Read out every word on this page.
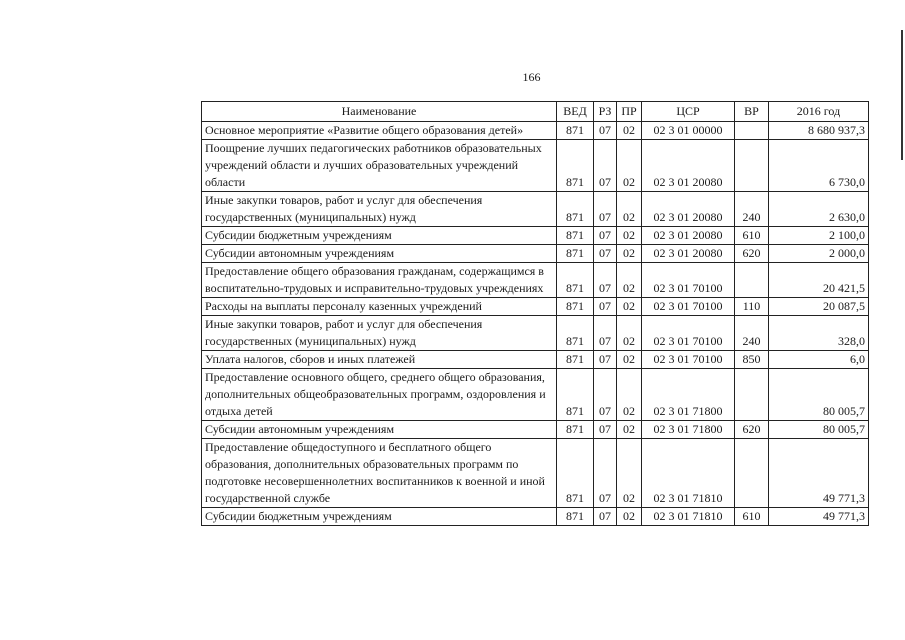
166
Наименование	ВЕД	РЗ	ПР	ЦСР	ВР	2016 год
Основное мероприятие «Развитие общего образования детей»	871	07	02	02 3 01 00000		8 680 937,3
Поощрение лучших педагогических работников образовательных учреждений области и лучших образовательных учреждений области	871	07	02	02 3 01 20080		6 730,0
Иные закупки товаров, работ и услуг для обеспечения государственных (муниципальных) нужд	871	07	02	02 3 01 20080	240	2 630,0
Субсидии бюджетным учреждениям	871	07	02	02 3 01 20080	610	2 100,0
Субсидии автономным учреждениям	871	07	02	02 3 01 20080	620	2 000,0
Предоставление общего образования гражданам, содержащимся в воспитательно-трудовых и исправительно-трудовых учреждениях	871	07	02	02 3 01 70100		20 421,5
Расходы на выплаты персоналу казенных учреждений	871	07	02	02 3 01 70100	110	20 087,5
Иные закупки товаров, работ и услуг для обеспечения государственных (муниципальных) нужд	871	07	02	02 3 01 70100	240	328,0
Уплата налогов, сборов и иных платежей	871	07	02	02 3 01 70100	850	6,0
Предоставление основного общего, среднего общего образования, дополнительных общеобразовательных программ, оздоровления и отдыха детей	871	07	02	02 3 01 71800		80 005,7
Субсидии автономным учреждениям	871	07	02	02 3 01 71800	620	80 005,7
Предоставление общедоступного и бесплатного общего образования, дополнительных образовательных программ по подготовке несовершеннолетних воспитанников к военной и иной государственной службе	871	07	02	02 3 01 71810		49 771,3
Субсидии бюджетным учреждениям	871	07	02	02 3 01 71810	610	49 771,3
